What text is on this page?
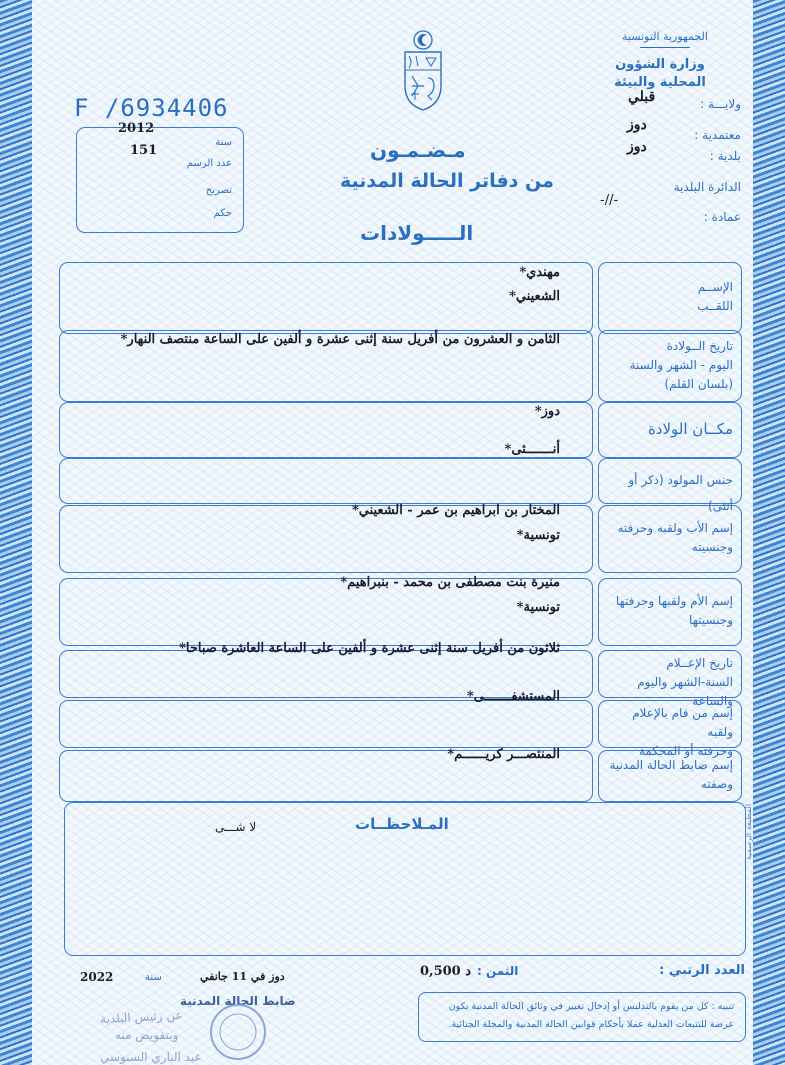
الجمهورية التونسية
وزارة الشؤون المحلية والبيئة
ولايـــة :
قبلي
دوز
معتمدية :
دوز
بلدية :
الدائرة البلدية
-//-
عمادة :
F /6934406
2012
سنة
151
عدد الرسم
تصريح
حكم
مـضـمـون
من دفاتر الحالة المدنية
الـــــولادات
الإســم
اللقــب
مهندي*
الشعيني*
تاريخ الــولادة
اليوم - الشهر والسنة
(بلسان القلم)
الثامن و العشرون من أفريل سنة إثنى عشرة و ألفين على الساعة منتصف النهار*
مكــان الولادة
دوز*
أنـــــــثى*
جنس المولود (ذكر أو أنثى)
إسم الأب ولقبه وحرفته
وجنسيته
المختار بن ابراهيم بن عمر - الشعيني*
تونسية*
إسم الأم ولقبها وحرفتها
وجنسيتها
منيرة بنت مصطفى بن محمد - بنبراهيم*
تونسية*
تاريخ الإعــلام
السنة-الشهر واليوم والساعة
ثلاثون من أفريل سنة إثنى عشرة و ألفين على الساعة العاشرة صباحا*
إسم من قام بالإعلام ولقبه
وحرفته أو المحكمة
المستشفـــــــى*
إسم ضابط الحالة المدنية
وصفته
المنتصـــر كريــــــم*
المـلاحظــات
لا شـــى	المطبعة الرسمية
العدد الرتبي :
الثمن :
0,500 د
دوز في 11 جانفي
سنة
2022
تنبيه : كل من يقوم بالتدليس أو إدخال تغيير في وثائق الحالة المدنية يكون عرضة للتتبعات العدلية عملا بأحكام قوانين الحالة المدنية والمجلة الجنائية.
ضابط الحالة المدنية
عن رئيس البلدية
وبتفويض منه
عبد الباري السنوسي
